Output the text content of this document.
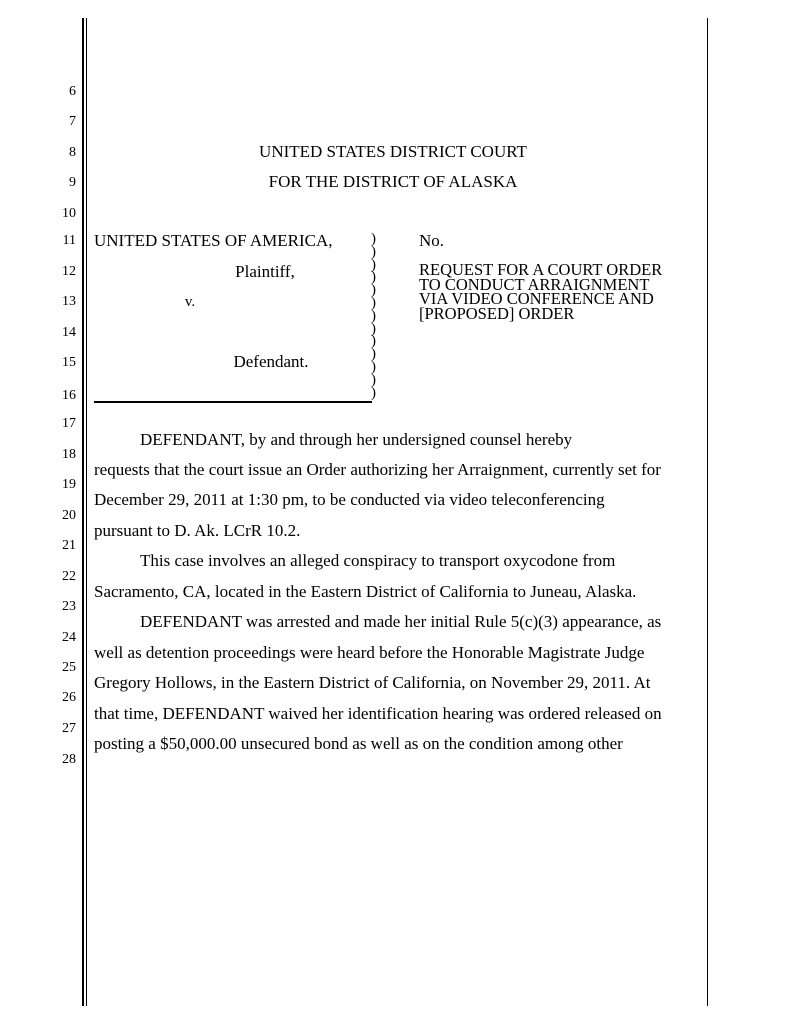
6
7
8
9
10
11
12
13
14
15
16
17
18
19
20
21
22
23
24
25
26
27
28
UNITED STATES DISTRICT COURT
FOR THE DISTRICT OF ALASKA
UNITED STATES OF AMERICA,
Plaintiff,
v.
Defendant.
)
)
)
)
)
)
)
)
)
)
)
)
)
No.
REQUEST FOR A COURT ORDER
TO CONDUCT ARRAIGNMENT
VIA VIDEO CONFERENCE AND
[PROPOSED] ORDER
DEFENDANT, by and through her undersigned counsel hereby
requests that the court issue an Order authorizing her Arraignment, currently set for
December 29, 2011 at 1:30 pm, to be conducted via video teleconferencing
pursuant to D. Ak. LCrR 10.2.
This case involves an alleged conspiracy to transport oxycodone from
Sacramento, CA, located in the Eastern District of California to Juneau, Alaska.
DEFENDANT was arrested and made her initial Rule 5(c)(3) appearance, as
well as detention proceedings were heard before the Honorable Magistrate Judge
Gregory Hollows, in the Eastern District of California, on November 29, 2011. At
that time, DEFENDANT waived her identification hearing was ordered released on
posting a $50,000.00 unsecured bond as well as on the condition among other
